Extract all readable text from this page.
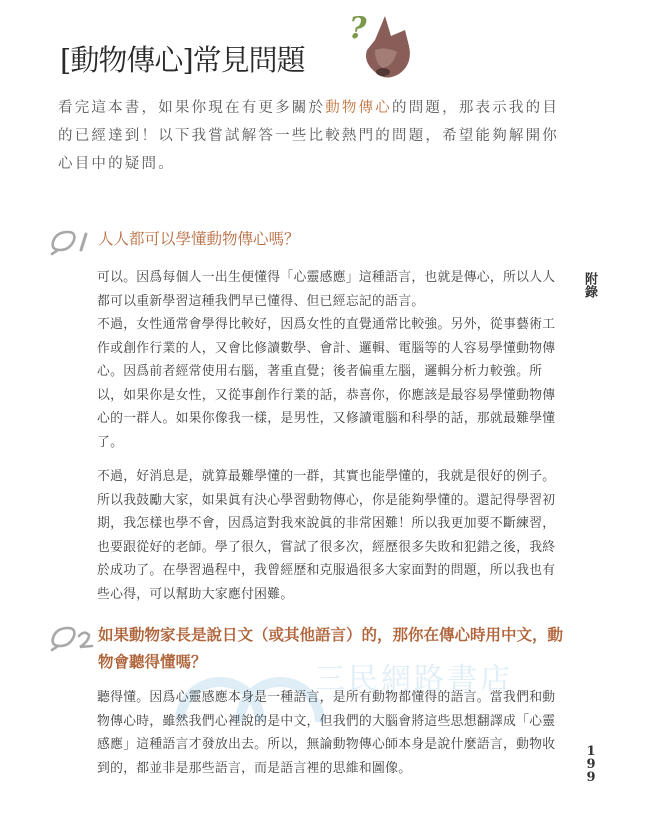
[動物傳心]常見問題
?
看完這本書，如果你現在有更多關於動物傳心的問題，那表示我的目的已經達到！以下我嘗試解答一些比較熱門的問題，希望能夠解開你心目中的疑問。
人人都可以學懂動物傳心嗎？

可以。因爲每個人一出生便懂得「心靈感應」這種語言，也就是傳心，所以人人都可以重新學習這種我們早已懂得、但已經忘記的語言。

不過，女性通常會學得比較好，因爲女性的直覺通常比較強。另外，從事藝術工作或創作行業的人，又會比修讀數學、會計、邏輯、電腦等的人容易學懂動物傳心。因爲前者經常使用右腦，著重直覺；後者偏重左腦，邏輯分析力較強。所以，如果你是女性，又從事創作行業的話，恭喜你，你應該是最容易學懂動物傳心的一群人。如果你像我一樣，是男性，又修讀電腦和科學的話，那就最難學懂了。

不過，好消息是，就算最難學懂的一群，其實也能學懂的，我就是很好的例子。所以我鼓勵大家，如果眞有決心學習動物傳心，你是能夠學懂的。還記得學習初期，我怎樣也學不會，因爲這對我來說眞的非常困難！所以我更加要不斷練習，也要跟從好的老師。學了很久，嘗試了很多次，經歷很多失敗和犯錯之後，我終於成功了。在學習過程中，我曾經歷和克服過很多大家面對的問題，所以我也有些心得，可以幫助大家應付困難。

如果動物家長是說日文（或其他語言）的，那你在傳心時用中文，動物會聽得懂嗎？	三民網路書店

聽得懂。因爲心靈感應本身是一種語言，是所有動物都懂得的語言。當我們和動物傳心時，雖然我們心裡說的是中文，但我們的大腦會將這些思想翻譯成「心靈感應」這種語言才發放出去。所以，無論動物傳心師本身是說什麼語言，動物收到的，都並非是那些語言，而是語言裡的思維和圖像。

附錄
1
9
9
